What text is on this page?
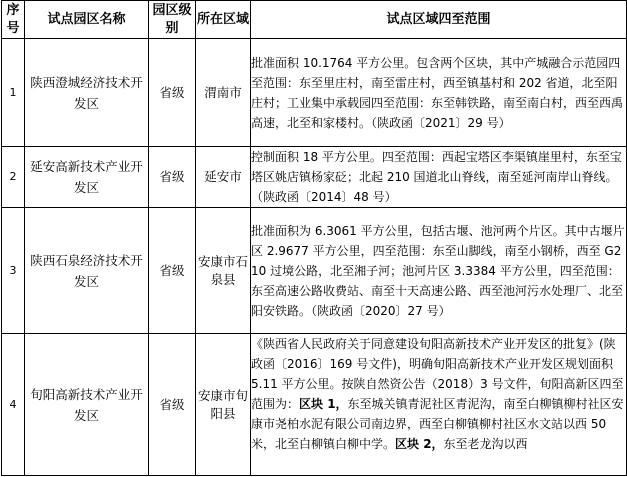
序号	试点园区名称	园区级别	所在区域	试点区域四至范围
1	陕西澄城经济技术开发区	省级	渭南市	批准面积 10.1764 平方公里。包含两个区块，其中产城融合示范园四至范围：东至里庄村，南至雷庄村，西至镇基村和 202 省道，北至阳庄村；工业集中承载园四至范围：东至韩铁路，南至南白村，西至西禹高速，北至和家楼村。（陕政函〔2021〕29 号）
2	延安高新技术产业开发区	省级	延安市	控制面积 18 平方公里。四至范围：西起宝塔区李渠镇崖里村，东至宝塔区姚店镇杨家砭；北起 210 国道北山脊线，南至延河南岸山脊线。（陕政函〔2014〕48 号）
3	陕西石泉经济技术开发区	省级	安康市石泉县	批准面积为 6.3061 平方公里，包括古堰、池河两个片区。其中古堰片区 2.9677 平方公里，四至范围：东至山脚线，南至小钢桥，西至 G210 过境公路，北至湘子河；池河片区 3.3384 平方公里，四至范围：东至高速公路收费站、南至十天高速公路、西至池河污水处理厂、北至阳安铁路。（陕政函〔2020〕27 号）
4	旬阳高新技术产业开发区	省级	安康市旬阳县	《陕西省人民政府关于同意建设旬阳高新技术产业开发区的批复》(陕政函〔2016〕169 号文件)，明确旬阳高新技术产业开发区规划面积 5.11 平方公里。按陕自然资公告（2018）3 号文件，旬阳高新区四至范围为：区块 1，东至城关镇青泥社区青泥沟，南至白柳镇柳村社区安康市尧柏水泥有限公司南边界，西至白柳镇柳村社区水文站以西 50 米，北至白柳镇白柳中学。区块 2，东至老龙沟以西
